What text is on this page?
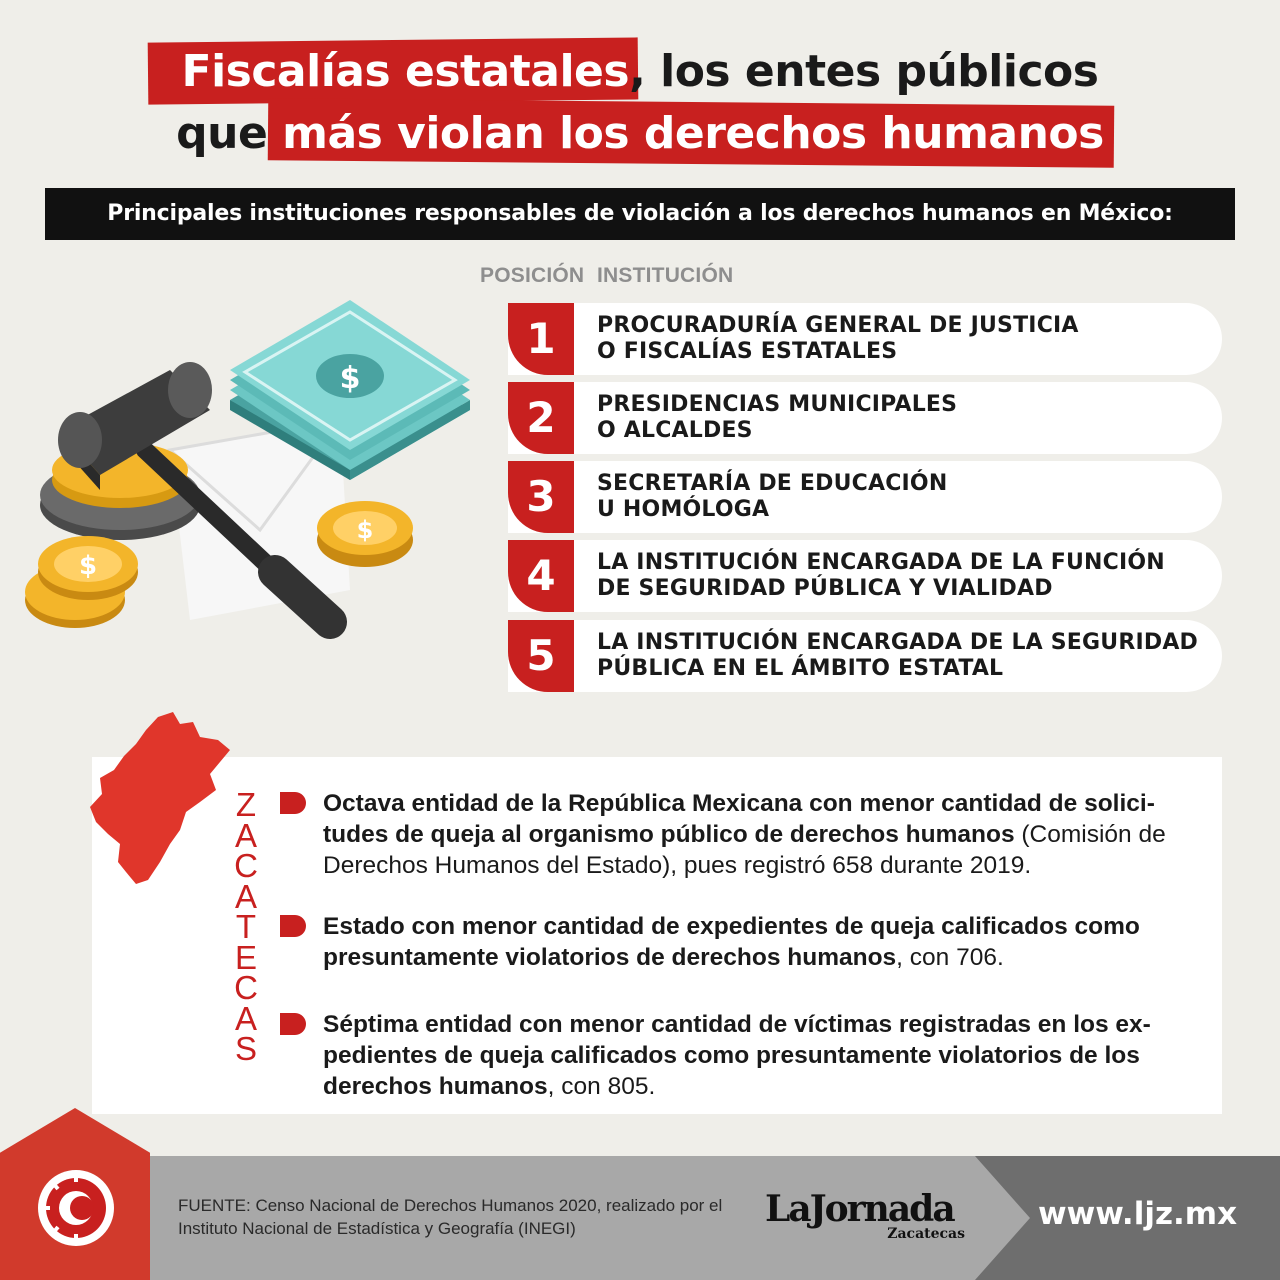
Fiscalías estatales, los entes públicos
que más violan los derechos humanos
Principales instituciones responsables de violación a los derechos humanos en México:
POSICIÓN INSTITUCIÓN
1	PROCURADURÍA GENERAL DE JUSTICIA
O FISCALÍAS ESTATALES
2	PRESIDENCIAS MUNICIPALES
O ALCALDES
3	SECRETARÍA DE EDUCACIÓN
U HOMÓLOGA
4	LA INSTITUCIÓN ENCARGADA DE LA FUNCIÓN
DE SEGURIDAD PÚBLICA Y VIALIDAD
5	LA INSTITUCIÓN ENCARGADA DE LA SEGURIDAD
PÚBLICA EN EL ÁMBITO ESTATAL
$
$
$
Z
A
C
A
T
E
C
A
S
Octava entidad de la República Mexicana con menor cantidad de solici-tudes de queja al organismo público de derechos humanos (Comisión de Derechos Humanos del Estado), pues registró 658 durante 2019.
Estado con menor cantidad de expedientes de queja calificados como presuntamente violatorios de derechos humanos, con 706.
Séptima entidad con menor cantidad de víctimas registradas en los ex-pedientes de queja calificados como presuntamente violatorios de los derechos humanos, con 805.
FUENTE: Censo Nacional de Derechos Humanos 2020, realizado por el Instituto Nacional de Estadística y Geografía (INEGI)	LaJornada
Zacatecas
www.ljz.mx
